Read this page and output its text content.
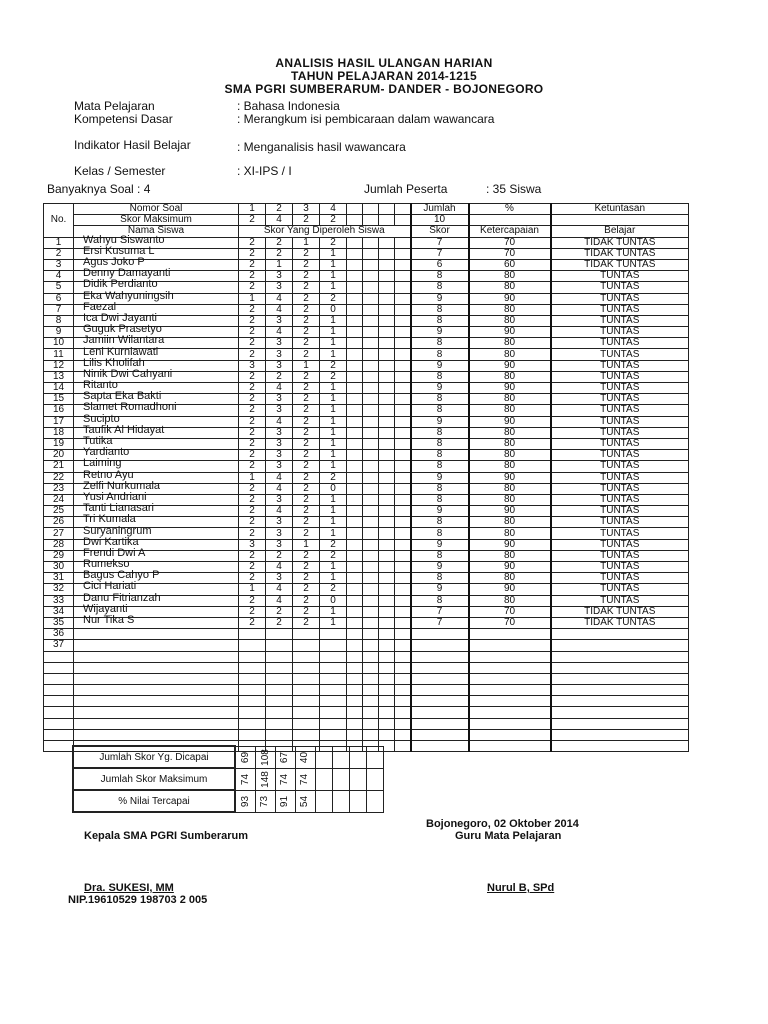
ANALISIS HASIL ULANGAN HARIAN
TAHUN PELAJARAN 2014-1215
SMA PGRI SUMBERARUM- DANDER - BOJONEGORO
Mata Pelajaran	: Bahasa Indonesia
Kompetensi Dasar	: Merangkum isi pembicaraan dalam wawancara
Indikator Hasil Belajar	: Menganalisis hasil wawancara
Kelas / Semester	: XI-IPS / I
Banyaknya Soal : 4	Jumlah Peserta	: 35 Siswa
	Nomor Soal	1	2	3	4					Jumlah	%	Ketuntasan
No.	Skor Maksimum	2	4	2	2					10		
	Nama Siswa	Skor Yang Diperoleh Siswa								Skor	Ketercapaian	Belajar
1	Wahyu Siswanto	2	2	1	2					7	70	TIDAK TUNTAS
2	Ersi Kusuma L	2	2	2	1					7	70	TIDAK TUNTAS
3	Agus Joko P	2	1	2	1					6	60	TIDAK TUNTAS
4	Denny Damayanti	2	3	2	1					8	80	TUNTAS
5	Didik Perdianto	2	3	2	1					8	80	TUNTAS
6	Eka Wahyuningsih	1	4	2	2					9	90	TUNTAS
7	Faezal	2	4	2	0					8	80	TUNTAS
8	Ica Dwi Jayanti	2	3	2	1					8	80	TUNTAS
9	Guguk Prasetyo	2	4	2	1					9	90	TUNTAS
10	Jamiin Wilantara	2	3	2	1					8	80	TUNTAS
11	Leni Kurniawati	2	3	2	1					8	80	TUNTAS
12	Lilis Kholifah	3	3	1	2					9	90	TUNTAS
13	Ninik Dwi Cahyani	2	2	2	2					8	80	TUNTAS
14	Ritanto	2	4	2	1					9	90	TUNTAS
15	Sapta Eka Bakti	2	3	2	1					8	80	TUNTAS
16	Slamet Romadhoni	2	3	2	1					8	80	TUNTAS
17	Sucipto	2	4	2	1					9	90	TUNTAS
18	Taufik Al Hidayat	2	3	2	1					8	80	TUNTAS
19	Tutika	2	3	2	1					8	80	TUNTAS
20	Yardianto	2	3	2	1					8	80	TUNTAS
21	Laiming	2	3	2	1					8	80	TUNTAS
22	Retno Ayu	1	4	2	2					9	90	TUNTAS
23	Zelfi Nurkumala	2	4	2	0					8	80	TUNTAS
24	Yusi Andriani	2	3	2	1					8	80	TUNTAS
25	Tanti Lianasari	2	4	2	1					9	90	TUNTAS
26	Tri Kumala	2	3	2	1					8	80	TUNTAS
27	Suryaningrum	2	3	2	1					8	80	TUNTAS
28	Dwi Kartika	3	3	1	2					9	90	TUNTAS
29	Frendi Dwi A	2	2	2	2					8	80	TUNTAS
30	Rumekso	2	4	2	1					9	90	TUNTAS
31	Bagus Cahyo P	2	3	2	1					8	80	TUNTAS
32	Cici Hariati	1	4	2	2					9	90	TUNTAS
33	Danu Fitrianzah	2	4	2	0					8	80	TUNTAS
34	Wijayanti	2	2	2	1					7	70	TIDAK TUNTAS
35	Nur Tika S	2	2	2	1					7	70	TIDAK TUNTAS
36												
37												

Jumlah Skor Yg. Dicapai	69	108	67	40				
Jumlah Skor Maksimum	74	148	74	74				
% Nilai Tercapai	93	73	91	54				
Bojonegoro, 02 Oktober 2014
Kepala SMA PGRI Sumberarum	Guru Mata Pelajaran
Dra. SUKESI, MM	Nurul B, SPd
NIP.19610529 198703 2 005
